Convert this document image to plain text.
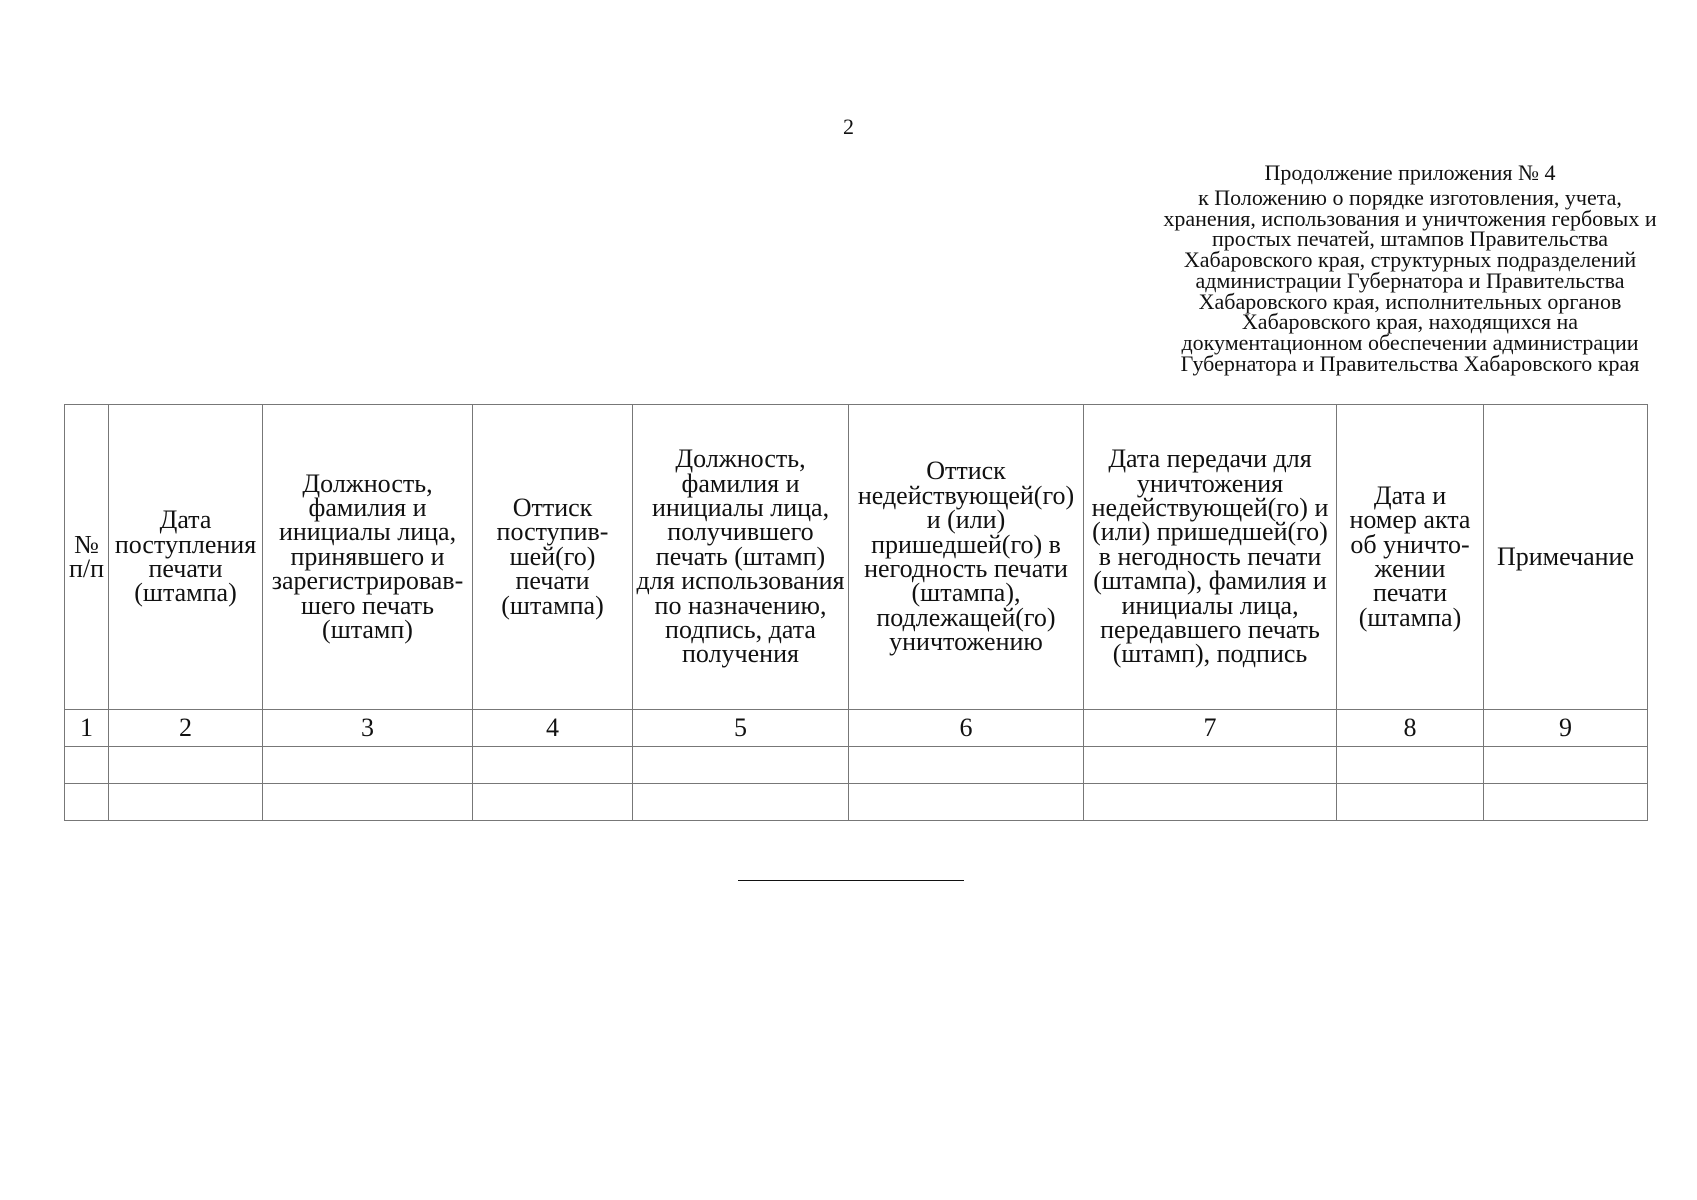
2
Продолжение приложения № 4
к Положению о порядке изготовления, учета, хранения, использования и уничтожения гербовых и простых печатей, штампов Правительства Хабаровского края, структурных подразделений администрации Губернатора и Правительства Хабаровского края, исполнительных органов Хабаровского края, находящихся на документационном обеспечении администрации Губернатора и Правительства Хабаровского края
№ п/п	Дата поступления печати (штампа)	Должность, фамилия и инициалы лица, принявшего и зарегистрировав-шего печать (штамп)	Оттиск поступив-шей(го) печати (штампа)	Должность, фамилия и инициалы лица, получившего печать (штамп) для использования по назначению, подпись, дата получения	Оттиск недействующей(го) и (или) пришедшей(го) в негодность печати (штампа), подлежащей(го) уничтожению	Дата передачи для уничтожения недействующей(го) и (или) пришедшей(го) в негодность печати (штампа), фамилия и инициалы лица, передавшего печать (штамп), подпись	Дата и номер акта об уничто-жении печати (штампа)	Примечание
1	2	3	4	5	6	7	8	9
